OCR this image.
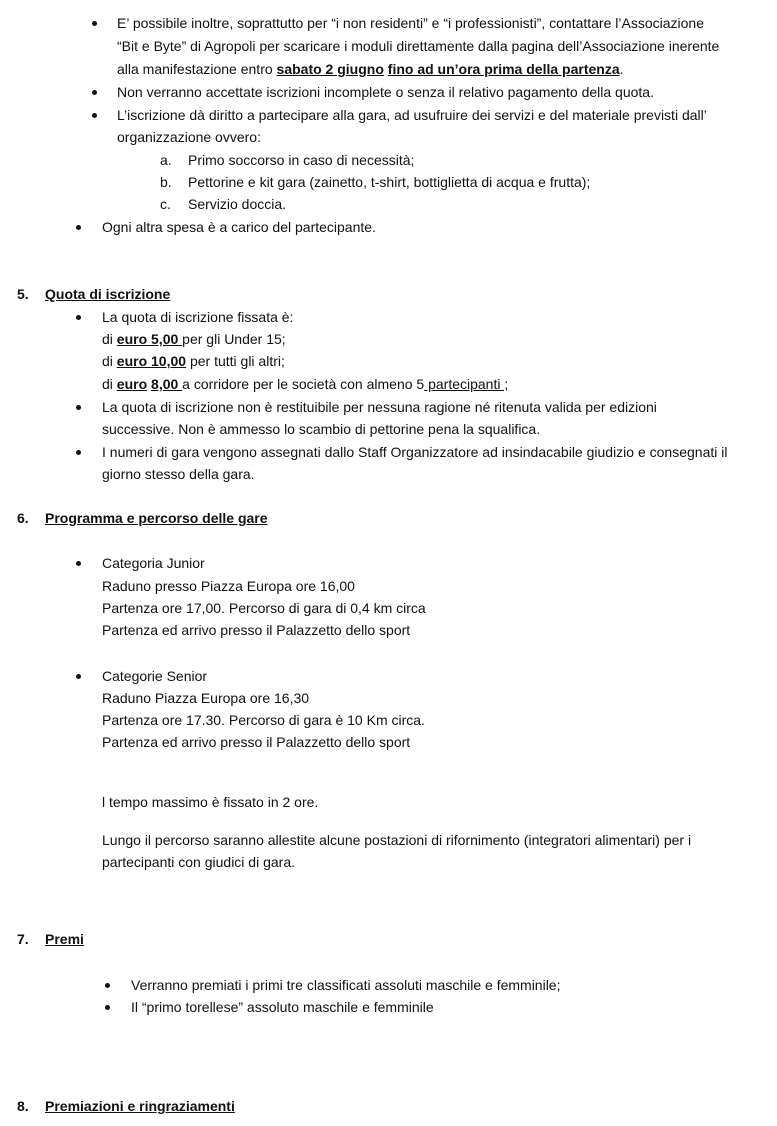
E’ possibile inoltre, soprattutto per “i non residenti” e “i professionisti”, contattare l’Associazione
“Bit e Byte” di Agropoli per scaricare i moduli direttamente dalla pagina dell’Associazione inerente
alla manifestazione entro sabato 2 giugno fino ad un’ora prima della partenza.
Non verranno accettate iscrizioni incomplete o senza il relativo pagamento della quota.
L’iscrizione dà diritto a partecipare alla gara, ad usufruire dei servizi e del materiale previsti dall’
organizzazione ovvero:
a. Primo soccorso in caso di necessità;
b. Pettorine e kit gara (zainetto, t-shirt, bottiglietta di acqua e frutta);
c. Servizio doccia.
Ogni altra spesa è a carico del partecipante.
5. Quota di iscrizione
La quota di iscrizione fissata è:
di euro 5,00 per gli Under 15;
di euro 10,00 per tutti gli altri;
di euro 8,00 a corridore per le società con almeno 5 partecipanti ;
La quota di iscrizione non è restituibile per nessuna ragione né ritenuta valida per edizioni
successive. Non è ammesso lo scambio di pettorine pena la squalifica.
I numeri di gara vengono assegnati dallo Staff Organizzatore ad insindacabile giudizio e consegnati il
giorno stesso della gara.
6. Programma e percorso delle gare
Categoria Junior
Raduno presso Piazza Europa ore 16,00
Partenza ore 17,00. Percorso di gara di 0,4 km circa
Partenza ed arrivo presso il Palazzetto dello sport
Categorie Senior
Raduno Piazza Europa ore 16,30
Partenza ore 17.30. Percorso di gara è 10 Km circa.
Partenza ed arrivo presso il Palazzetto dello sport
l tempo massimo è fissato in 2 ore.
Lungo il percorso saranno allestite alcune postazioni di rifornimento (integratori alimentari) per i
partecipanti con giudici di gara.
7. Premi
Verranno premiati i primi tre classificati assoluti maschile e femminile;
Il “primo torellese” assoluto maschile e femminile
8. Premiazioni e ringraziamenti
